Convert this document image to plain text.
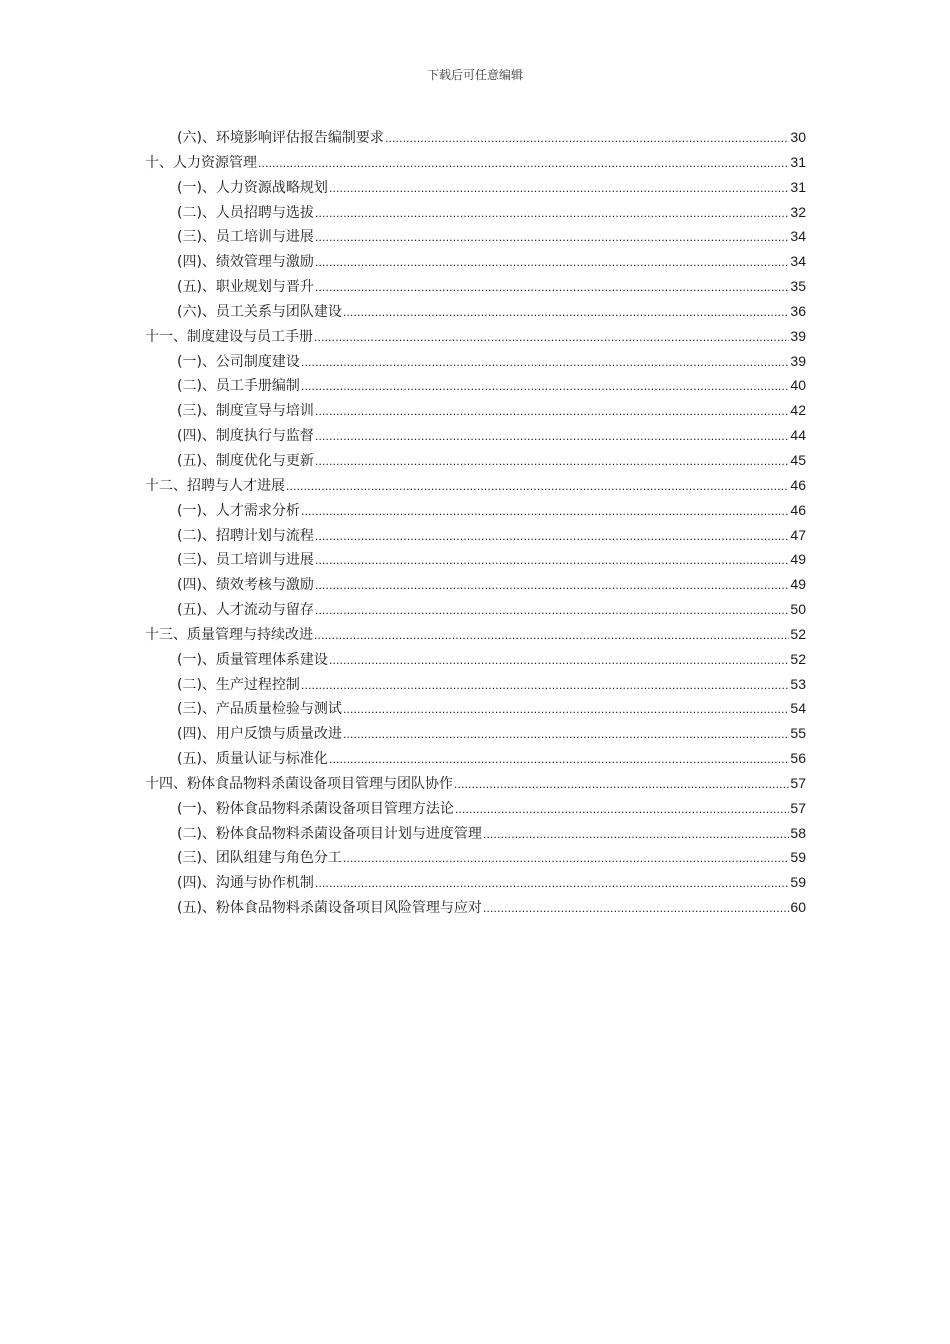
下载后可任意编辑
(六)、环境影响评估报告编制要求 .....	30
十、人力资源管理 .....	31
(一)、人力资源战略规划 .....	31
(二)、人员招聘与选拔 .....	32
(三)、员工培训与进展 .....	34
(四)、绩效管理与激励 .....	34
(五)、职业规划与晋升 .....	35
(六)、员工关系与团队建设 .....	36
十一、制度建设与员工手册 .....	39
(一)、公司制度建设 .....	39
(二)、员工手册编制 .....	40
(三)、制度宣导与培训 .....	42
(四)、制度执行与监督 .....	44
(五)、制度优化与更新 .....	45
十二、招聘与人才进展 .....	46
(一)、人才需求分析 .....	46
(二)、招聘计划与流程 .....	47
(三)、员工培训与进展 .....	49
(四)、绩效考核与激励 .....	49
(五)、人才流动与留存 .....	50
十三、质量管理与持续改进 .....	52
(一)、质量管理体系建设 .....	52
(二)、生产过程控制 .....	53
(三)、产品质量检验与测试 .....	54
(四)、用户反馈与质量改进 .....	55
(五)、质量认证与标准化 .....	56
十四、粉体食品物料杀菌设备项目管理与团队协作 .....	57
(一)、粉体食品物料杀菌设备项目管理方法论 .....	57
(二)、粉体食品物料杀菌设备项目计划与进度管理 .....	58
(三)、团队组建与角色分工 .....	59
(四)、沟通与协作机制 .....	59
(五)、粉体食品物料杀菌设备项目风险管理与应对 .....	60
